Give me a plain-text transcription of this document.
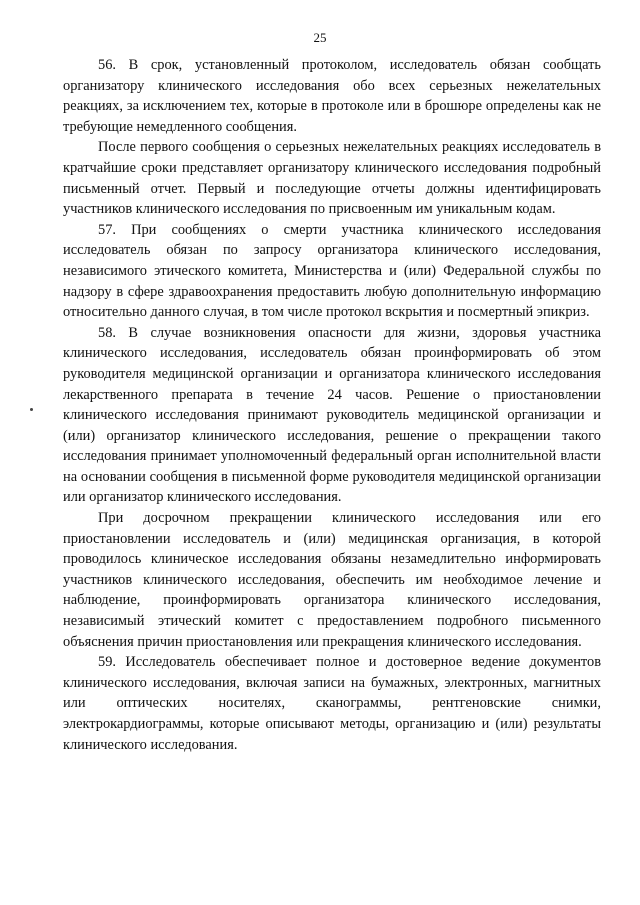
25

56. В срок, установленный протоколом, исследователь обязан сообщать организатору клинического исследования обо всех серьезных нежелательных реакциях, за исключением тех, которые в протоколе или в брошюре определены как не требующие немедленного сообщения.

После первого сообщения о серьезных нежелательных реакциях исследователь в кратчайшие сроки представляет организатору клинического исследования подробный письменный отчет. Первый и последующие отчеты должны идентифицировать участников клинического исследования по присвоенным им уникальным кодам.

57. При сообщениях о смерти участника клинического исследования исследователь обязан по запросу организатора клинического исследования, независимого этического комитета, Министерства и (или) Федеральной службы по надзору в сфере здравоохранения предоставить любую дополнительную информацию относительно данного случая, в том числе протокол вскрытия и посмертный эпикриз.

58. В случае возникновения опасности для жизни, здоровья участника клинического исследования, исследователь обязан проинформировать об этом руководителя медицинской организации и организатора клинического исследования лекарственного препарата в течение 24 часов. Решение о приостановлении клинического исследования принимают руководитель медицинской организации и (или) организатор клинического исследования, решение о прекращении такого исследования принимает уполномоченный федеральный орган исполнительной власти на основании сообщения в письменной форме руководителя медицинской организации или организатор клинического исследования.

При досрочном прекращении клинического исследования или его приостановлении исследователь и (или) медицинская организация, в которой проводилось клиническое исследования обязаны незамедлительно информировать участников клинического исследования, обеспечить им необходимое лечение и наблюдение, проинформировать организатора клинического исследования, независимый этический комитет с предоставлением подробного письменного объяснения причин приостановления или прекращения клинического исследования.

59. Исследователь обеспечивает полное и достоверное ведение документов клинического исследования, включая записи на бумажных, электронных, магнитных или оптических носителях, сканограммы, рентгеновские снимки, электрокардиограммы, которые описывают методы, организацию и (или) результаты клинического исследования.
